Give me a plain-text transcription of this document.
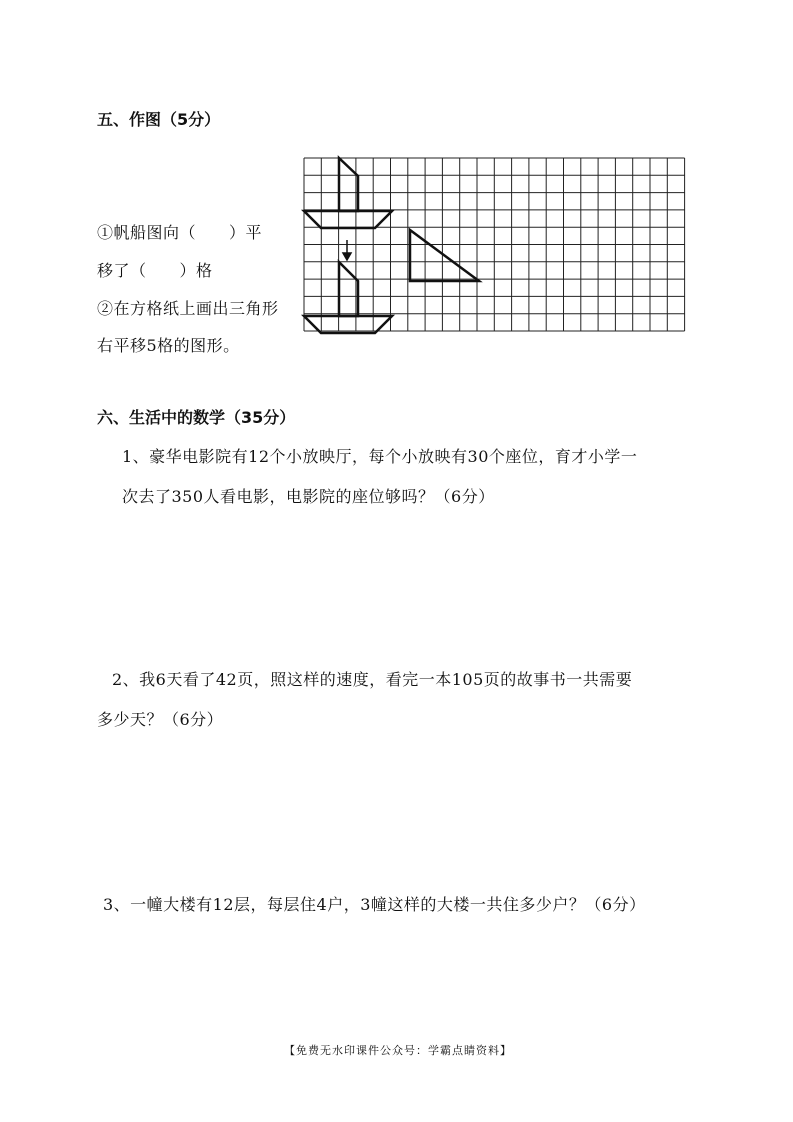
五、作图（5分）
①帆船图向（　　）平
移了（　　）格
②在方格纸上画出三角形
右平移5格的图形。
六、生活中的数学（35分）
1、豪华电影院有12个小放映厅，每个小放映有30个座位，育才小学一
次去了350人看电影，电影院的座位够吗？（6分）
2、我6天看了42页，照这样的速度，看完一本105页的故事书一共需要
多少天？（6分）
3、一幢大楼有12层，每层住4户，3幢这样的大楼一共住多少户？（6分）
【免费无水印课件公众号：学霸点睛资料】
